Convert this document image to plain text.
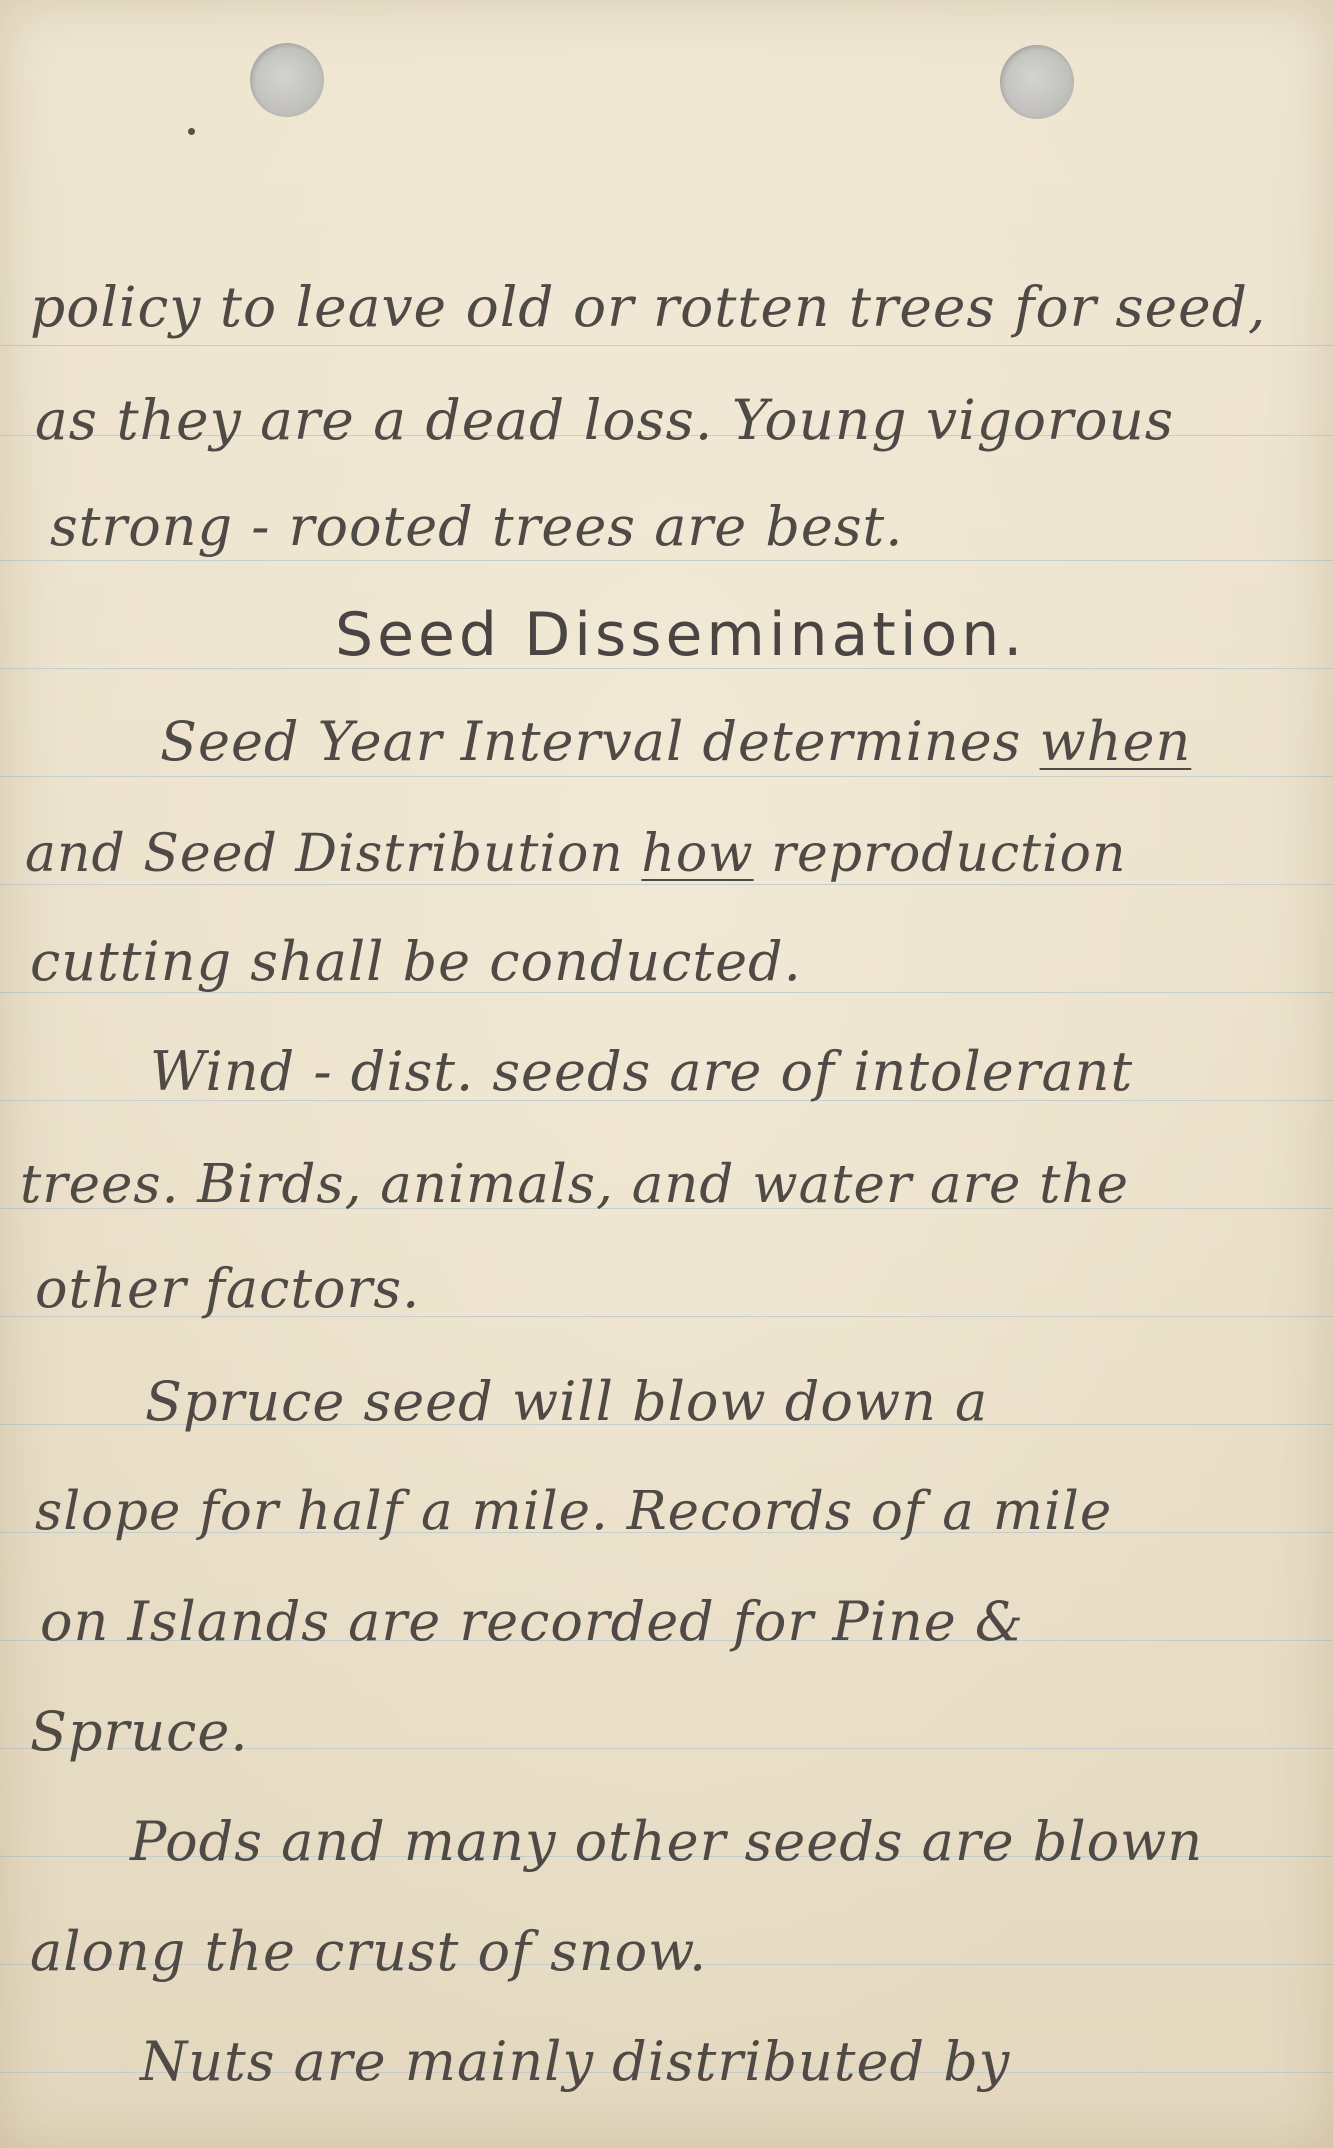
policy to leave old or rotten trees for seed,
as they are a dead loss. Young vigorous
strong - rooted trees are best.
Seed Dissemination.
Seed Year Interval determines when
and Seed Distribution how reproduction
cutting shall be conducted.
Wind - dist. seeds are of intolerant
trees. Birds, animals, and water are the
other factors.
Spruce seed will blow down a
slope for half a mile. Records of a mile
on Islands are recorded for Pine &
Spruce.
Pods and many other seeds are blown
along the crust of snow.
Nuts are mainly distributed by
